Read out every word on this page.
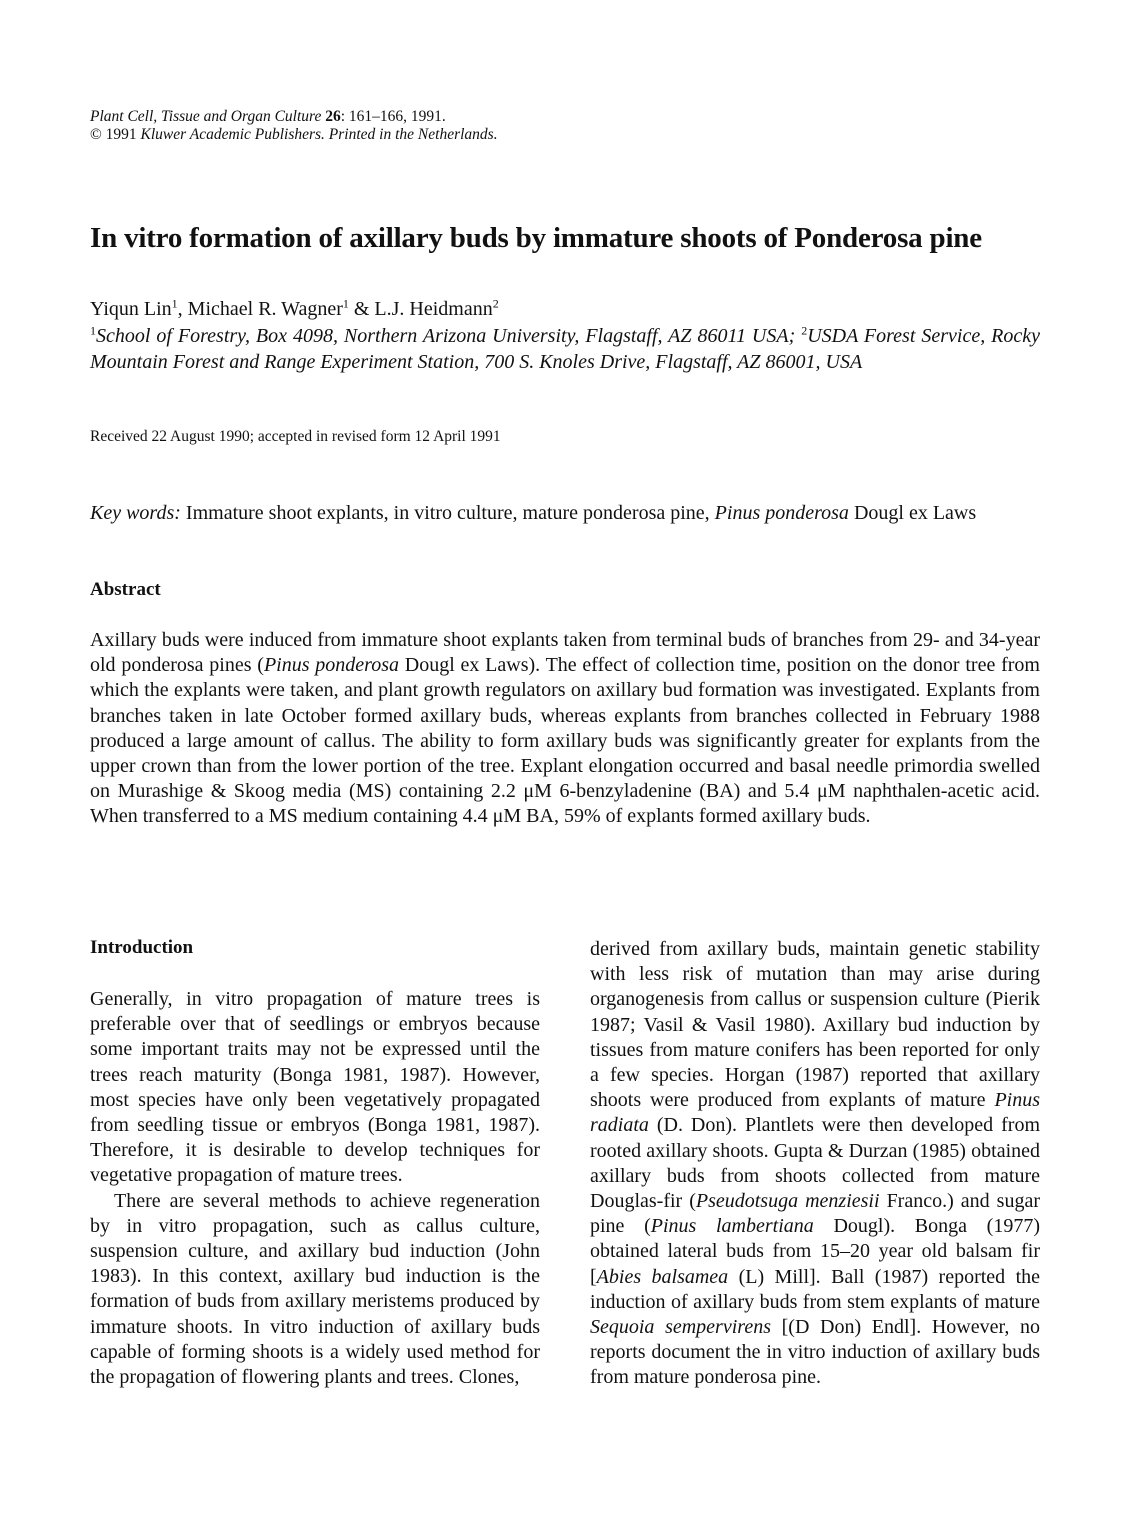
Plant Cell, Tissue and Organ Culture 26: 161–166, 1991.
© 1991 Kluwer Academic Publishers. Printed in the Netherlands.
In vitro formation of axillary buds by immature shoots of Ponderosa pine
Yiqun Lin$^1$, Michael R. Wagner$^1$ & L.J. Heidmann$^2$
$^1$School of Forestry, Box 4098, Northern Arizona University, Flagstaff, AZ 86011 USA; $^2$USDA Forest Service, Rocky Mountain Forest and Range Experiment Station, 700 S. Knoles Drive, Flagstaff, AZ 86001, USA
Received 22 August 1990; accepted in revised form 12 April 1991
Key words: Immature shoot explants, in vitro culture, mature ponderosa pine, Pinus ponderosa Dougl ex Laws
Abstract

Axillary buds were induced from immature shoot explants taken from terminal buds of branches from 29- and 34-year old ponderosa pines (Pinus ponderosa Dougl ex Laws). The effect of collection time, position on the donor tree from which the explants were taken, and plant growth regulators on axillary bud formation was investigated. Explants from branches taken in late October formed axillary buds, whereas explants from branches collected in February 1988 produced a large amount of callus. The ability to form axillary buds was significantly greater for explants from the upper crown than from the lower portion of the tree. Explant elongation occurred and basal needle primordia swelled on Murashige & Skoog media (MS) containing 2.2 μM 6-benzyladenine (BA) and 5.4 μM naphthalen-acetic acid. When transferred to a MS medium containing 4.4 μM BA, 59% of explants formed axillary buds.

Introduction

Generally, in vitro propagation of mature trees is preferable over that of seedlings or embryos because some important traits may not be expressed until the trees reach maturity (Bonga 1981, 1987). However, most species have only been vegetatively propagated from seedling tissue or embryos (Bonga 1981, 1987). Therefore, it is desirable to develop techniques for vegetative propagation of mature trees.

There are several methods to achieve regeneration by in vitro propagation, such as callus culture, suspension culture, and axillary bud induction (John 1983). In this context, axillary bud induction is the formation of buds from axillary meristems produced by immature shoots. In vitro induction of axillary buds capable of forming shoots is a widely used method for the propagation of flowering plants and trees. Clones,

derived from axillary buds, maintain genetic stability with less risk of mutation than may arise during organogenesis from callus or suspension culture (Pierik 1987; Vasil & Vasil 1980). Axillary bud induction by tissues from mature conifers has been reported for only a few species. Horgan (1987) reported that axillary shoots were produced from explants of mature Pinus radiata (D. Don). Plantlets were then developed from rooted axillary shoots. Gupta & Durzan (1985) obtained axillary buds from shoots collected from mature Douglas-fir (Pseudotsuga menziesii Franco.) and sugar pine (Pinus lambertiana Dougl). Bonga (1977) obtained lateral buds from 15–20 year old balsam fir [Abies balsamea (L) Mill]. Ball (1987) reported the induction of axillary buds from stem explants of mature Sequoia sempervirens [(D Don) Endl]. However, no reports document the in vitro induction of axillary buds from mature ponderosa pine.
